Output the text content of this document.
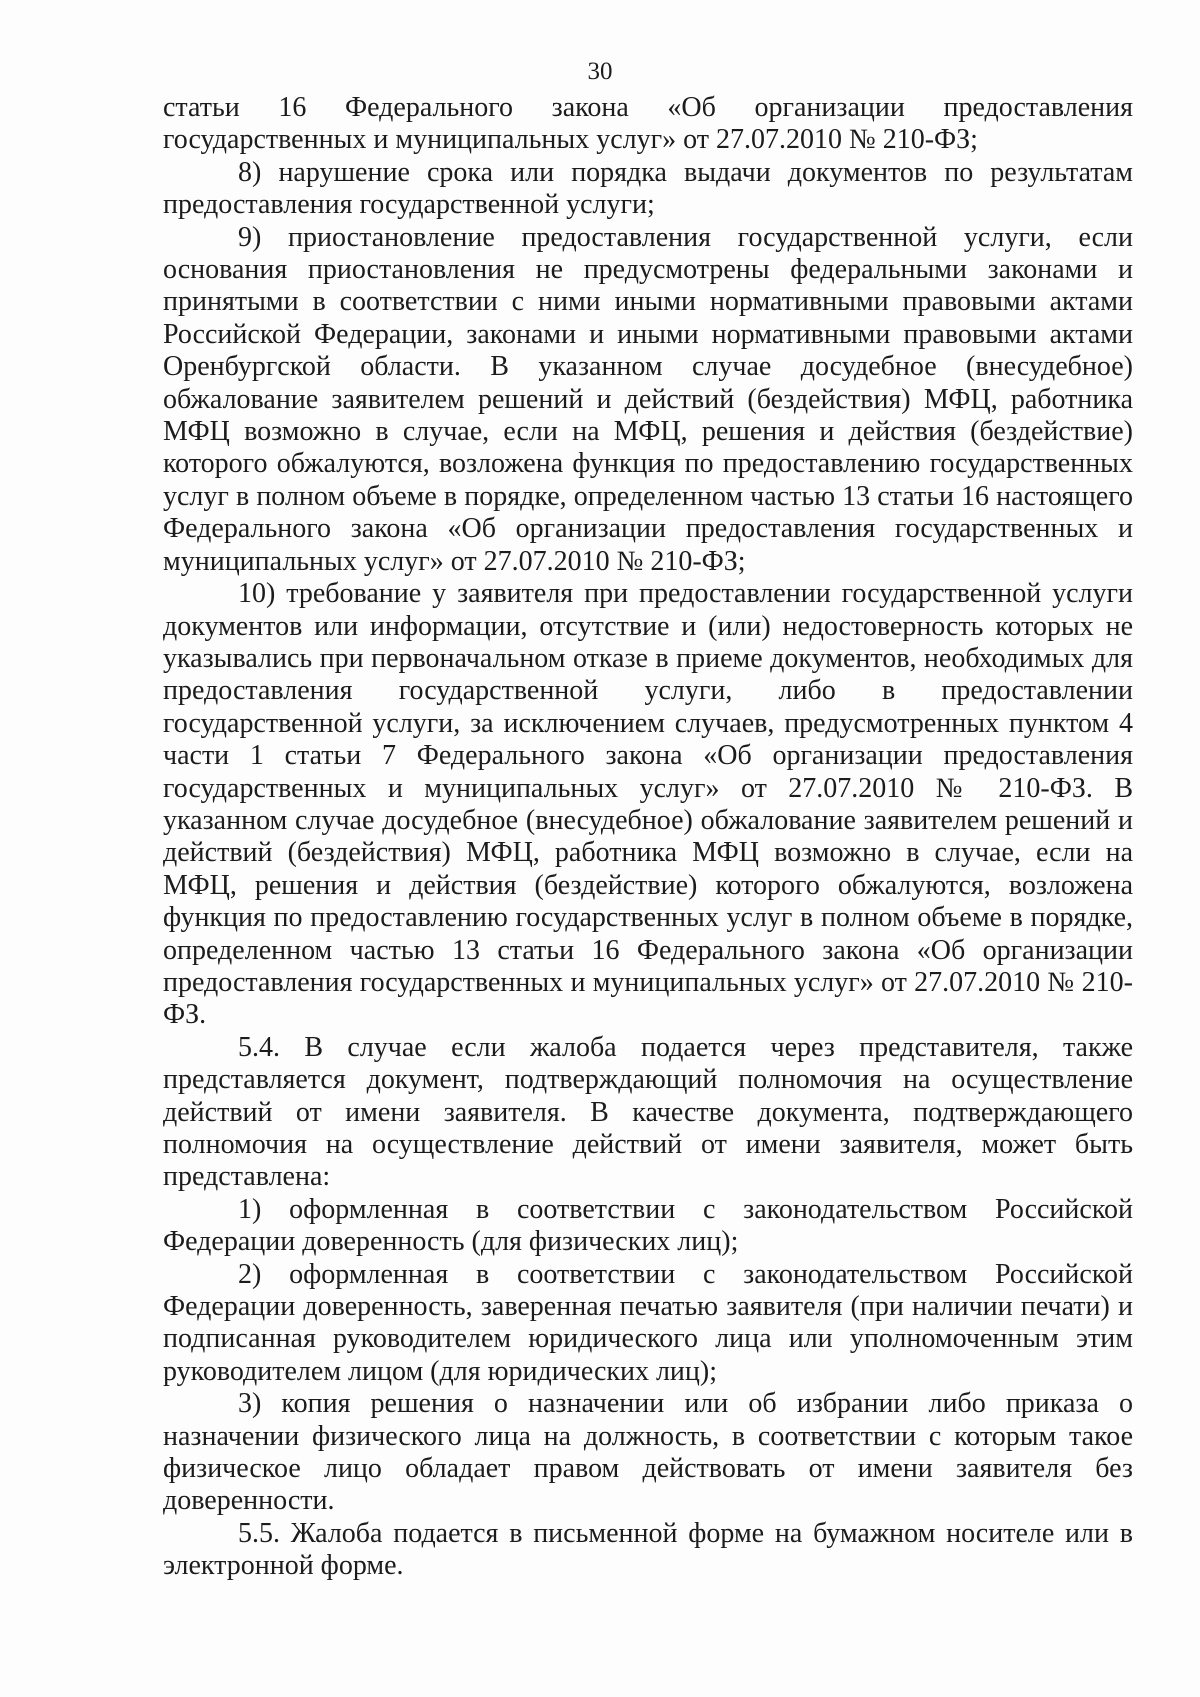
30

статьи 16 Федерального закона «Об организации предоставления государственных и муниципальных услуг» от 27.07.2010 № 210-ФЗ;

8) нарушение срока или порядка выдачи документов по результатам предоставления государственной услуги;

9) приостановление предоставления государственной услуги, если основания приостановления не предусмотрены федеральными законами и принятыми в соответствии с ними иными нормативными правовыми актами Российской Федерации, законами и иными нормативными правовыми актами Оренбургской области. В указанном случае досудебное (внесудебное) обжалование заявителем решений и действий (бездействия) МФЦ, работника МФЦ возможно в случае, если на МФЦ, решения и действия (бездействие) которого обжалуются, возложена функция по предоставлению государственных услуг в полном объеме в порядке, определенном частью 13 статьи 16 настоящего Федерального закона «Об организации предоставления государственных и муниципальных услуг» от 27.07.2010 № 210-ФЗ;

10) требование у заявителя при предоставлении государственной услуги документов или информации, отсутствие и (или) недостоверность которых не указывались при первоначальном отказе в приеме документов, необходимых для предоставления государственной услуги, либо в предоставлении государственной услуги, за исключением случаев, предусмотренных пунктом 4 части 1 статьи 7 Федерального закона «Об организации предоставления государственных и муниципальных услуг» от 27.07.2010 № 210-ФЗ. В указанном случае досудебное (внесудебное) обжалование заявителем решений и действий (бездействия) МФЦ, работника МФЦ возможно в случае, если на МФЦ, решения и действия (бездействие) которого обжалуются, возложена функция по предоставлению государственных услуг в полном объеме в порядке, определенном частью 13 статьи 16 Федерального закона «Об организации предоставления государственных и муниципальных услуг» от 27.07.2010 № 210-ФЗ.

5.4. В случае если жалоба подается через представителя, также представляется документ, подтверждающий полномочия на осуществление действий от имени заявителя. В качестве документа, подтверждающего полномочия на осуществление действий от имени заявителя, может быть представлена:

1) оформленная в соответствии с законодательством Российской Федерации доверенность (для физических лиц);

2) оформленная в соответствии с законодательством Российской Федерации доверенность, заверенная печатью заявителя (при наличии печати) и подписанная руководителем юридического лица или уполномоченным этим руководителем лицом (для юридических лиц);

3) копия решения о назначении или об избрании либо приказа о назначении физического лица на должность, в соответствии с которым такое физическое лицо обладает правом действовать от имени заявителя без доверенности.

5.5. Жалоба подается в письменной форме на бумажном носителе или в электронной форме.
